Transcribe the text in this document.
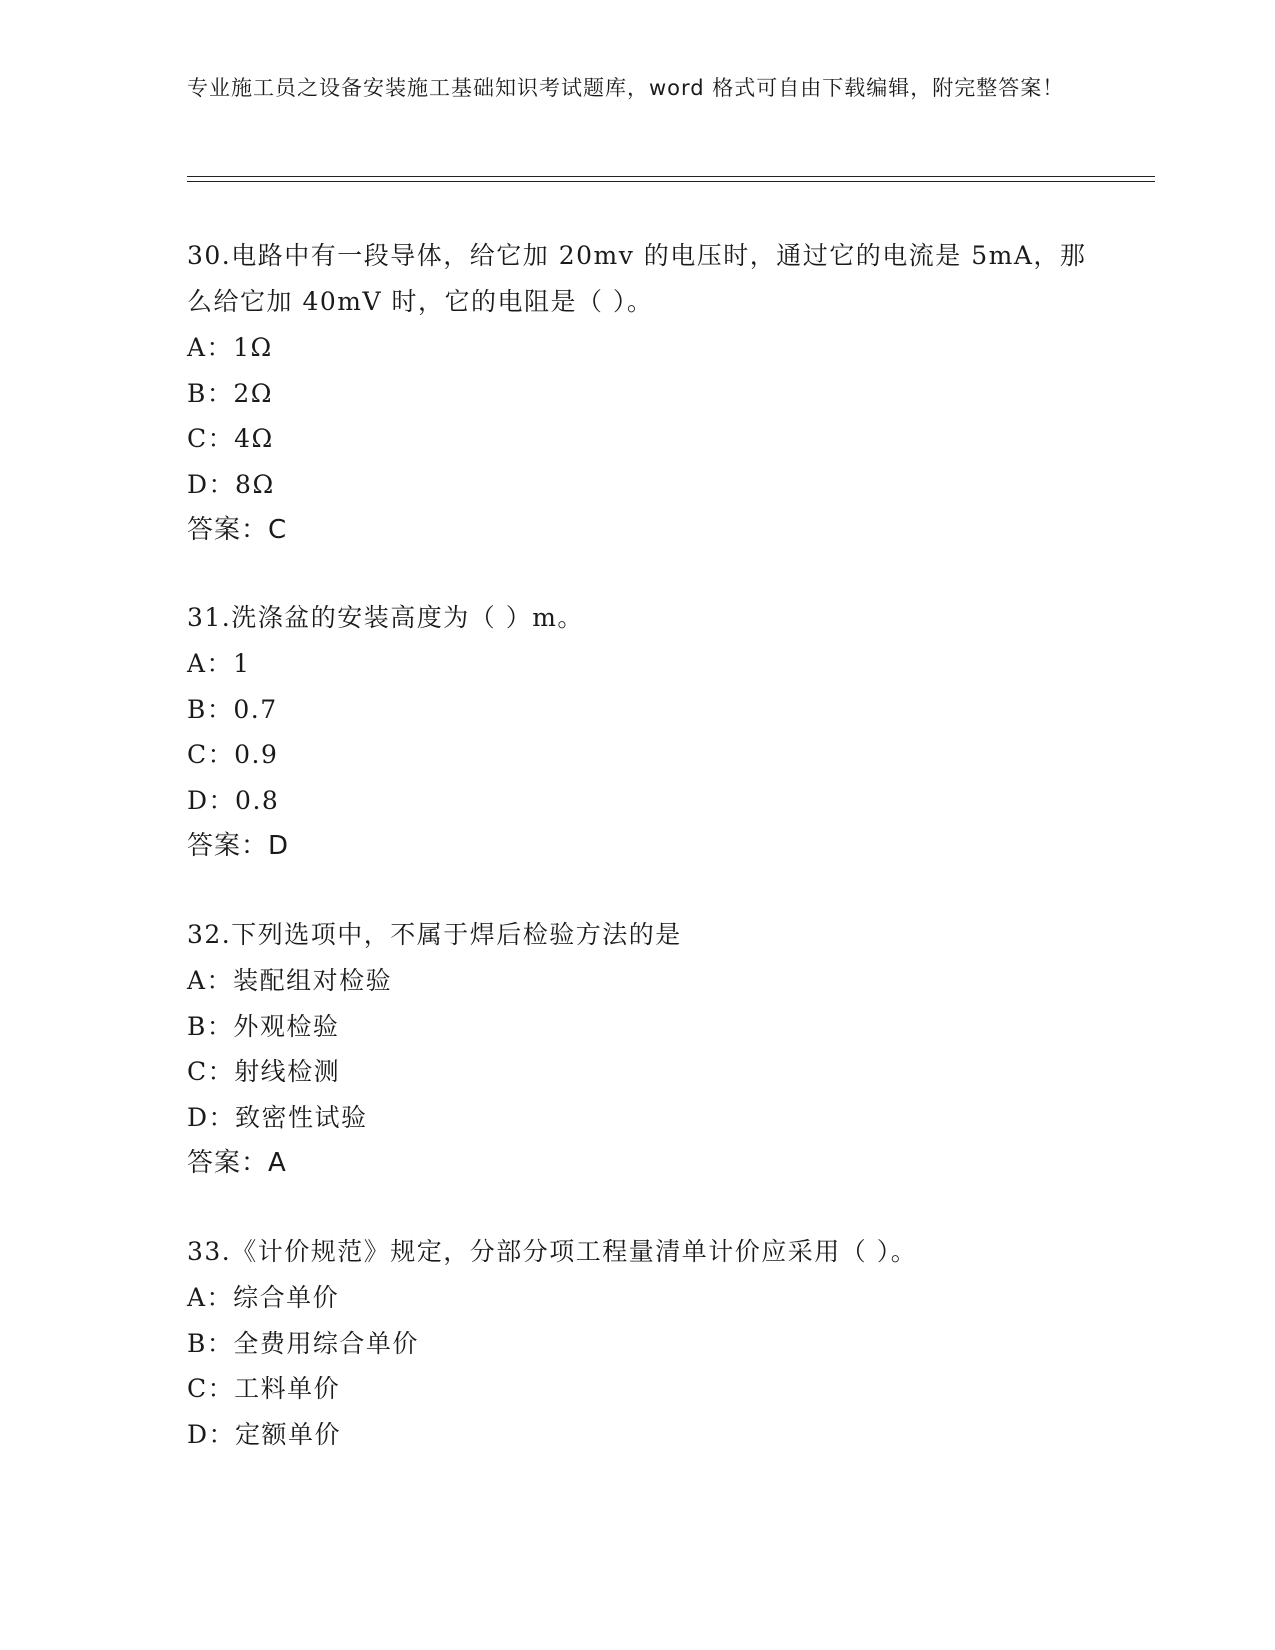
专业施工员之设备安装施工基础知识考试题库，word 格式可自由下载编辑，附完整答案！

30.电路中有一段导体，给它加 20mv 的电压时，通过它的电流是 5mA，那么给它加 40mV 时，它的电阻是（ ）。

A：1Ω

B：2Ω

C：4Ω

D：8Ω

答案：C

31.洗涤盆的安装高度为（ ）m。

A：1

B：0.7

C：0.9

D：0.8

答案：D

32.下列选项中，不属于焊后检验方法的是

A：装配组对检验

B：外观检验

C：射线检测

D：致密性试验

答案：A

33.《计价规范》规定，分部分项工程量清单计价应采用（ ）。

A：综合单价

B：全费用综合单价

C：工料单价

D：定额单价
